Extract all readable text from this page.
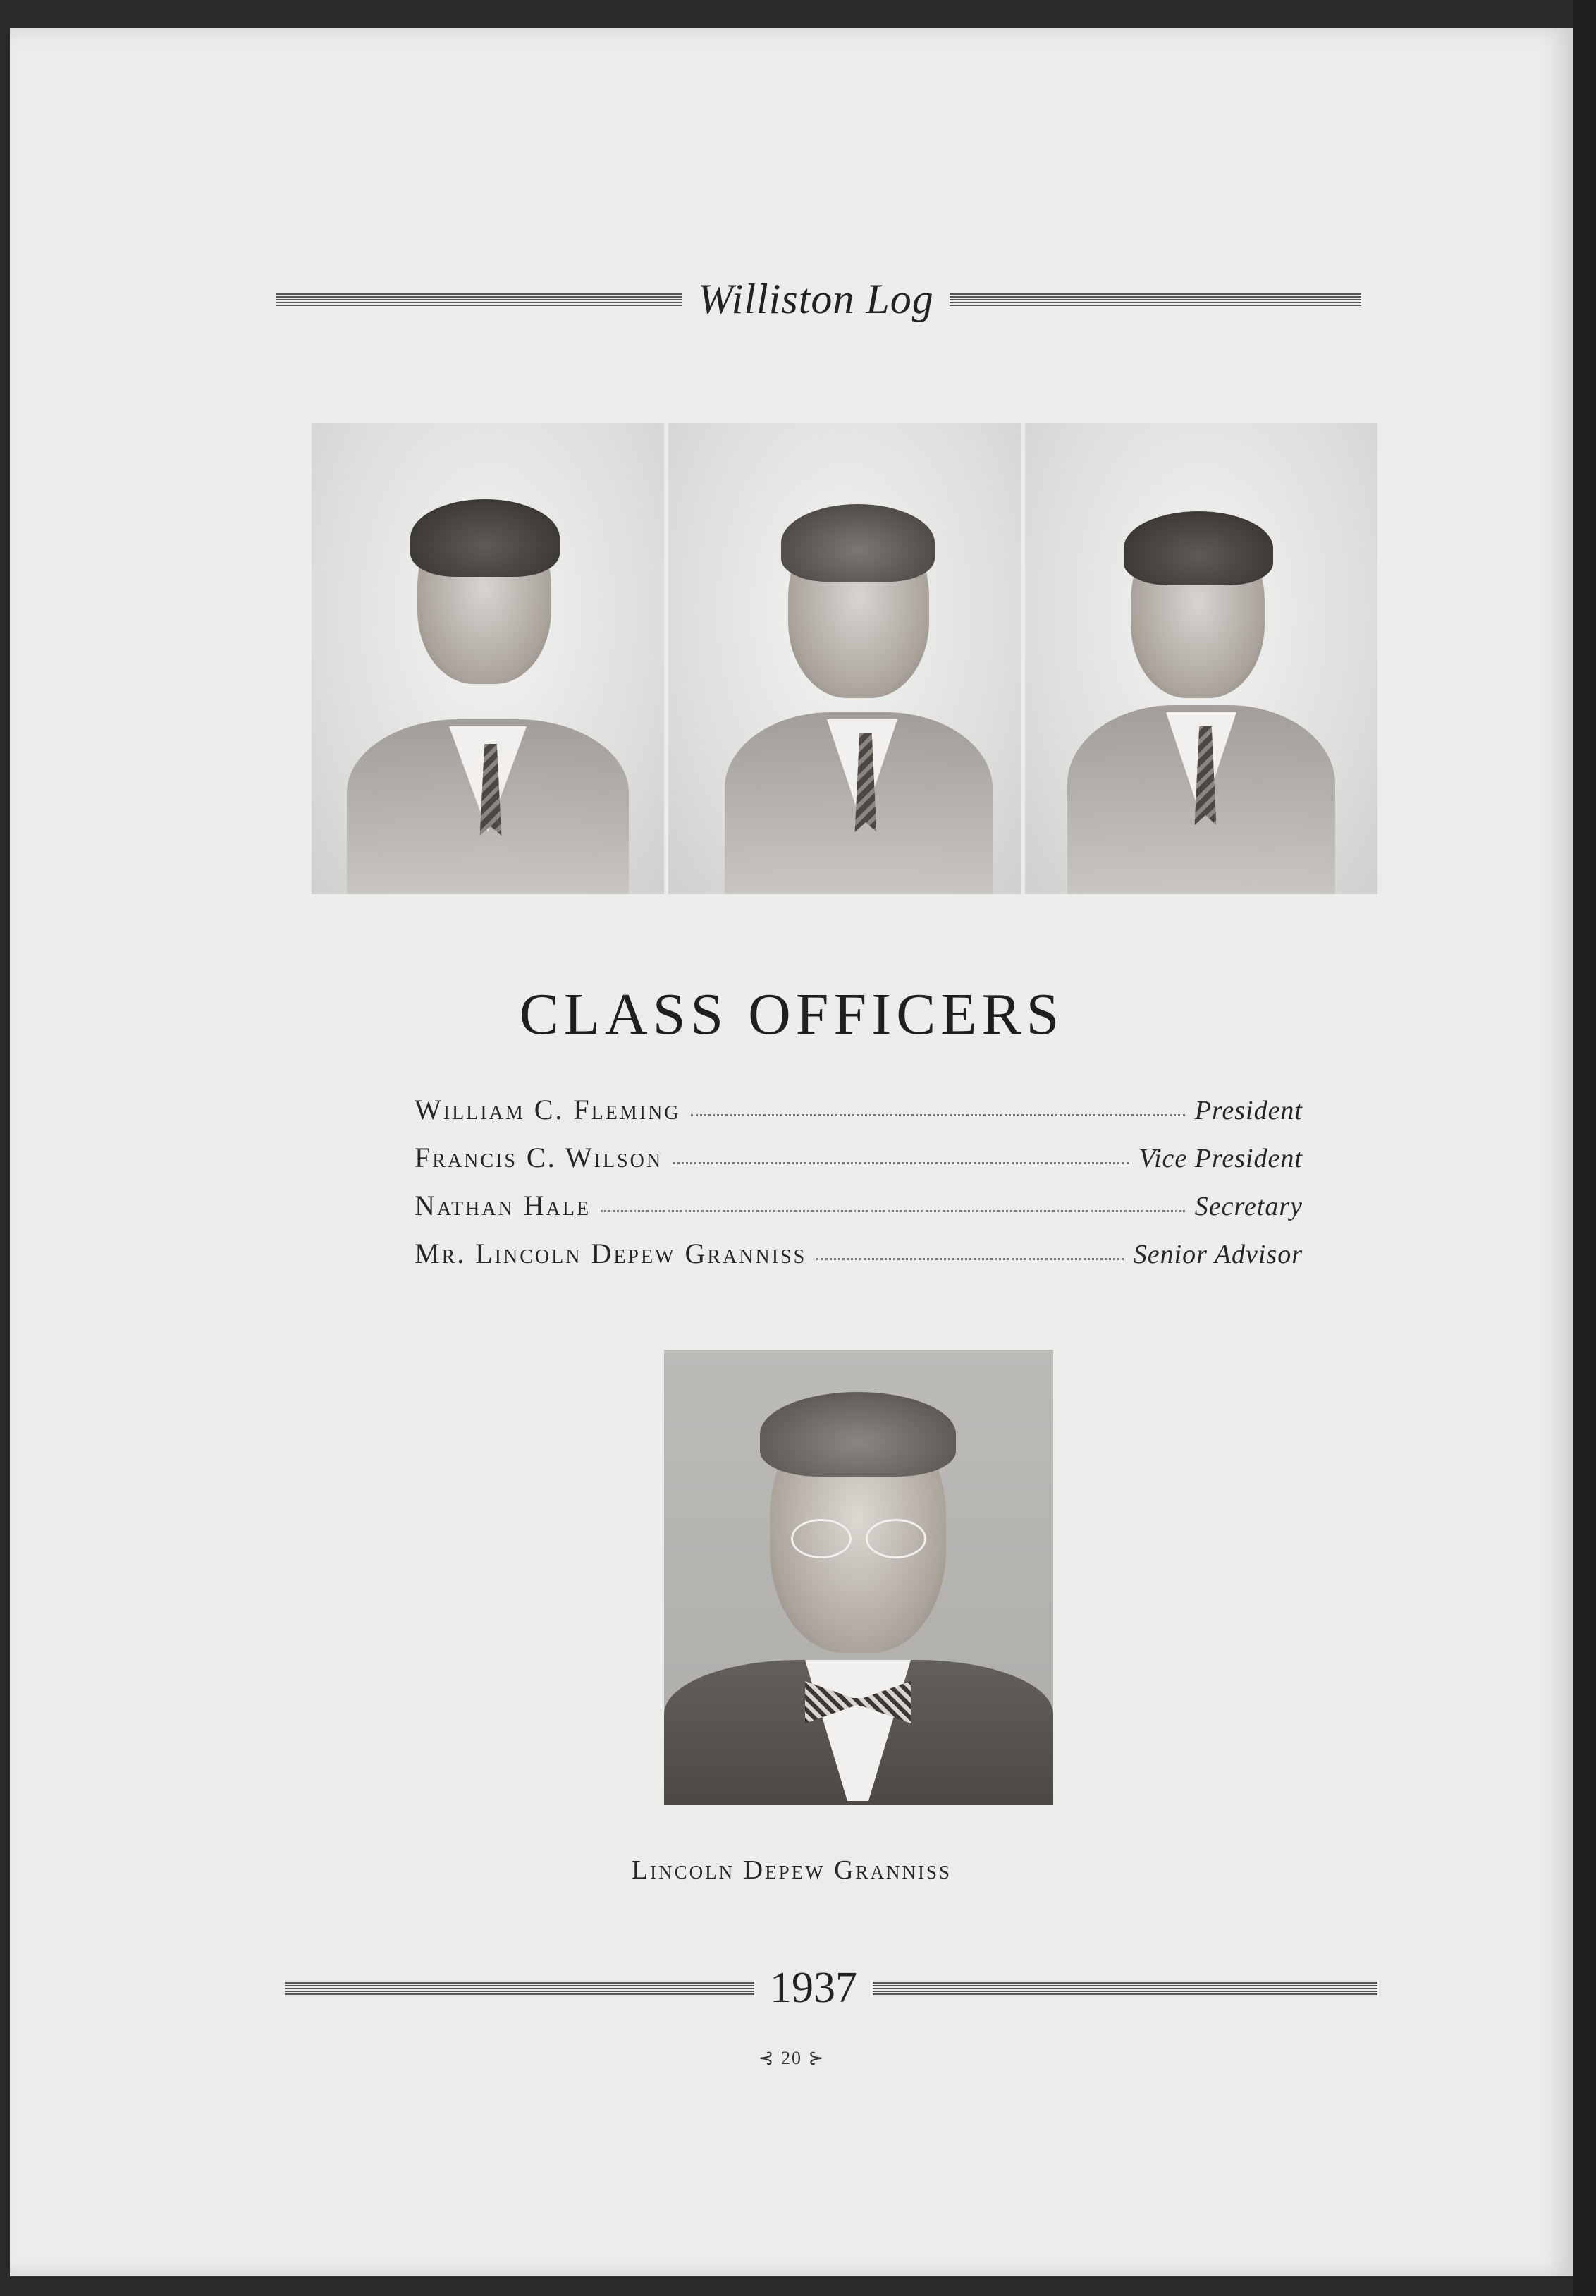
Williston Log
CLASS OFFICERS
William C. Fleming	President
Francis C. Wilson	Vice President
Nathan Hale	Secretary
Mr. Lincoln Depew Granniss	Senior Advisor
Lincoln Depew Granniss
1937
⊰ 20 ⊱
